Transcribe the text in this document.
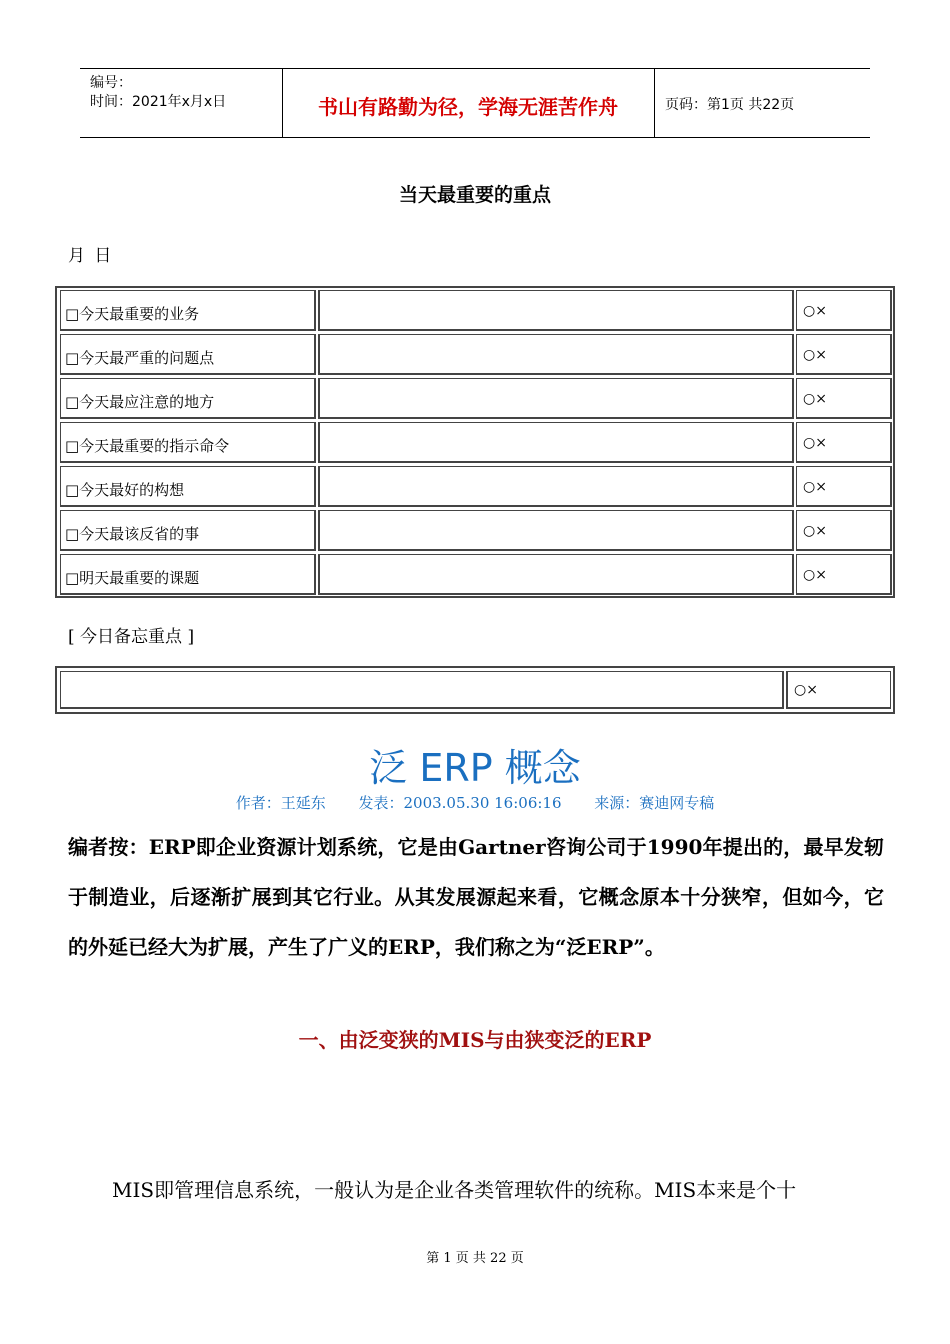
编号：
时间：2021年x月x日	书山有路勤为径，学海无涯苦作舟	页码：第1页 共22页
当天最重要的重点
月 日
□今天最重要的业务	○×
□今天最严重的问题点	○×
□今天最应注意的地方	○×
□今天最重要的指示命令	○×
□今天最好的构想	○×
□今天最该反省的事	○×
□明天最重要的课题	○×
[ 今日备忘重点 ]
○×
泛 ERP 概念
作者：王延东 发表：2003.05.30 16:06:16 来源：赛迪网专稿
编者按：ERP即企业资源计划系统，它是由Gartner咨询公司于1990年提出的，最早发轫于制造业，后逐渐扩展到其它行业。从其发展源起来看，它概念原本十分狭窄，但如今，它的外延已经大为扩展，产生了广义的ERP，我们称之为“泛ERP”。
一、由泛变狭的MIS与由狭变泛的ERP
MIS即管理信息系统，一般认为是企业各类管理软件的统称。MIS本来是个十
第 1 页 共 22 页
